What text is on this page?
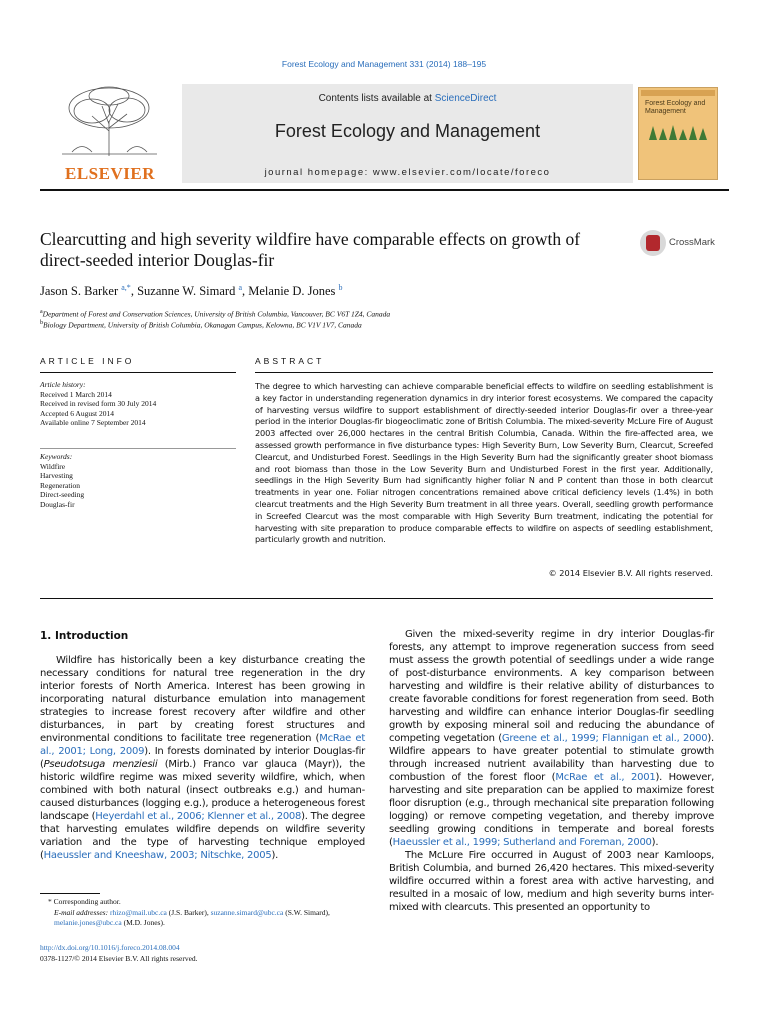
Forest Ecology and Management 331 (2014) 188–195
ELSEVIER
Contents lists available at ScienceDirect
Forest Ecology and Management
journal homepage: www.elsevier.com/locate/foreco
Forest Ecology and Management
Clearcutting and high severity wildfire have comparable effects on growth of direct-seeded interior Douglas-fir
CrossMark
Jason S. Barker $^{a,*}$, Suzanne W. Simard $^a$, Melanie D. Jones $^b$
$^a$Department of Forest and Conservation Sciences, University of British Columbia, Vancouver, BC V6T 1Z4, Canada
$^b$Biology Department, University of British Columbia, Okanagan Campus, Kelowna, BC V1V 1V7, Canada
ARTICLE INFO	ABSTRACT
Article history:
Received 1 March 2014
Received in revised form 30 July 2014
Accepted 6 August 2014
Available online 7 September 2014
Keywords:
Wildfire
Harvesting
Regeneration
Direct-seeding
Douglas-fir
The degree to which harvesting can achieve comparable beneficial effects to wildfire on seedling establishment is a key factor in understanding regeneration dynamics in dry interior forest ecosystems. We compared the capacity of harvesting versus wildfire to support establishment of directly-seeded interior Douglas-fir over a three-year period in the interior Douglas-fir biogeoclimatic zone of British Columbia. The mixed-severity McLure Fire of August 2003 affected over 26,000 hectares in the central British Columbia, Canada. Within the fire-affected area, we assessed growth performance in five disturbance types: High Severity Burn, Low Severity Burn, Clearcut, Screefed Clearcut, and Undisturbed Forest. Seedlings in the High Severity Burn had the significantly greater shoot biomass and root biomass than those in the Low Severity Burn and Undisturbed Forest in the first year. Additionally, seedlings in the High Severity Burn had significantly higher foliar N and P content than those in both clearcut treatments in year one. Foliar nitrogen concentrations remained above critical deficiency levels (1.4%) in both clearcut treatments and the High Severity Burn treatment in all three years. Overall, seedling growth performance in Screefed Clearcut was the most comparable with High Severity Burn treatment, indicating the potential for harvesting with site preparation to produce comparable effects to wildfire on aspects of seedling establishment, particularly growth and nutrition.
© 2014 Elsevier B.V. All rights reserved.
1. Introduction

Wildfire has historically been a key disturbance creating the necessary conditions for natural tree regeneration in the dry interior forests of North America. Interest has been growing in incorporating natural disturbance emulation into management strategies to increase forest recovery after wildfire and other disturbances, in part by creating forest structures and environmental conditions to facilitate tree regeneration (McRae et al., 2001; Long, 2009). In forests dominated by interior Douglas-fir (Pseudotsuga menziesii (Mirb.) Franco var glauca (Mayr)), the historic wildfire regime was mixed severity wildfire, which, when combined with both natural (insect outbreaks e.g.) and human-caused disturbances (logging e.g.), produce a heterogeneous forest landscape (Heyerdahl et al., 2006; Klenner et al., 2008). The degree that harvesting emulates wildfire depends on wildfire severity variation and the type of harvesting technique employed (Haeussler and Kneeshaw, 2003; Nitschke, 2005).

Given the mixed-severity regime in dry interior Douglas-fir forests, any attempt to improve regeneration success from seed must assess the growth potential of seedlings under a wide range of post-disturbance environments. A key comparison between harvesting and wildfire is their relative ability of disturbances to create favorable conditions for forest regeneration from seed. Both harvesting and wildfire can enhance interior Douglas-fir seedling growth by exposing mineral soil and reducing the abundance of competing vegetation (Greene et al., 1999; Flannigan et al., 2000). Wildfire appears to have greater potential to stimulate growth through increased nutrient availability than harvesting due to combustion of the forest floor (McRae et al., 2001). However, harvesting and site preparation can be applied to maximize forest floor disruption (e.g., through mechanical site preparation following logging) or remove competing vegetation, and thereby improve seedling growing conditions in temperate and boreal forests (Haeussler et al., 1999; Sutherland and Foreman, 2000).

The McLure Fire occurred in August of 2003 near Kamloops, British Columbia, and burned 26,420 hectares. This mixed-severity wildfire occurred within a forest area with active harvesting, and resulted in a mosaic of low, medium and high severity burns inter-mixed with clearcuts. This presented an opportunity to

* Corresponding author.
E-mail addresses: rhizo@mail.ubc.ca (J.S. Barker), suzanne.simard@ubc.ca (S.W. Simard), melanie.jones@ubc.ca (M.D. Jones).
http://dx.doi.org/10.1016/j.foreco.2014.08.004
0378-1127/© 2014 Elsevier B.V. All rights reserved.
